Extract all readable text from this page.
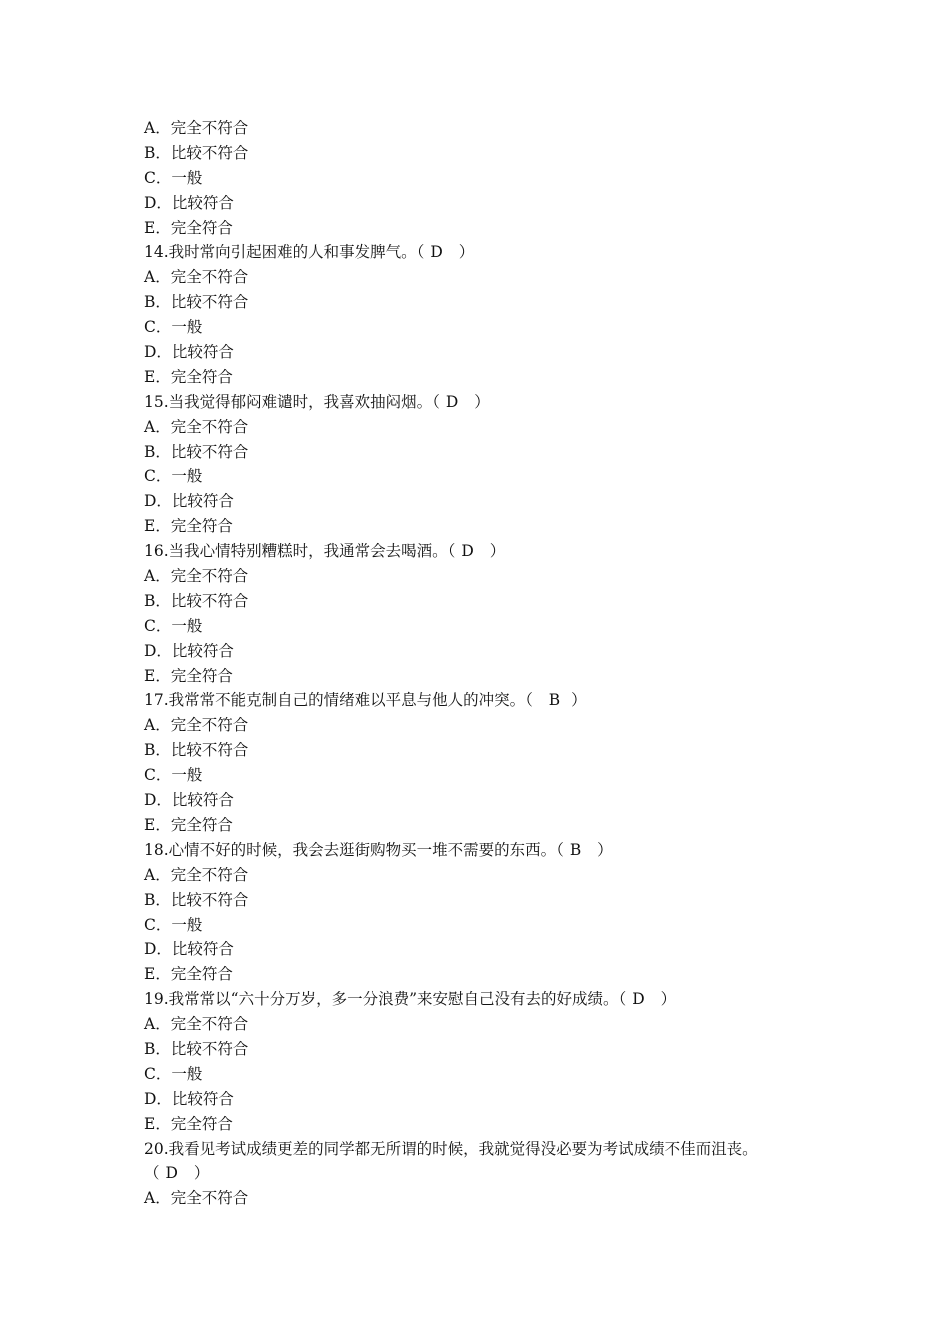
A．完全不符合
B．比较不符合
C．一般
D．比较符合
E．完全符合
14.我时常向引起困难的人和事发脾气。（ D ）
A．完全不符合
B．比较不符合
C．一般
D．比较符合
E．完全符合
15.当我觉得郁闷难谴时，我喜欢抽闷烟。（ D ）
A．完全不符合
B．比较不符合
C．一般
D．比较符合
E．完全符合
16.当我心情特别糟糕时，我通常会去喝酒。（ D ）
A．完全不符合
B．比较不符合
C．一般
D．比较符合
E．完全符合
17.我常常不能克制自己的情绪难以平息与他人的冲突。（ B ）
A．完全不符合
B．比较不符合
C．一般
D．比较符合
E．完全符合
18.心情不好的时候，我会去逛街购物买一堆不需要的东西。（ B ）
A．完全不符合
B．比较不符合
C．一般
D．比较符合
E．完全符合
19.我常常以“六十分万岁，多一分浪费”来安慰自己没有去的好成绩。（ D ）
A．完全不符合
B．比较不符合
C．一般
D．比较符合
E．完全符合
20.我看见考试成绩更差的同学都无所谓的时候，我就觉得没必要为考试成绩不佳而沮丧。
（ D ）
A．完全不符合
